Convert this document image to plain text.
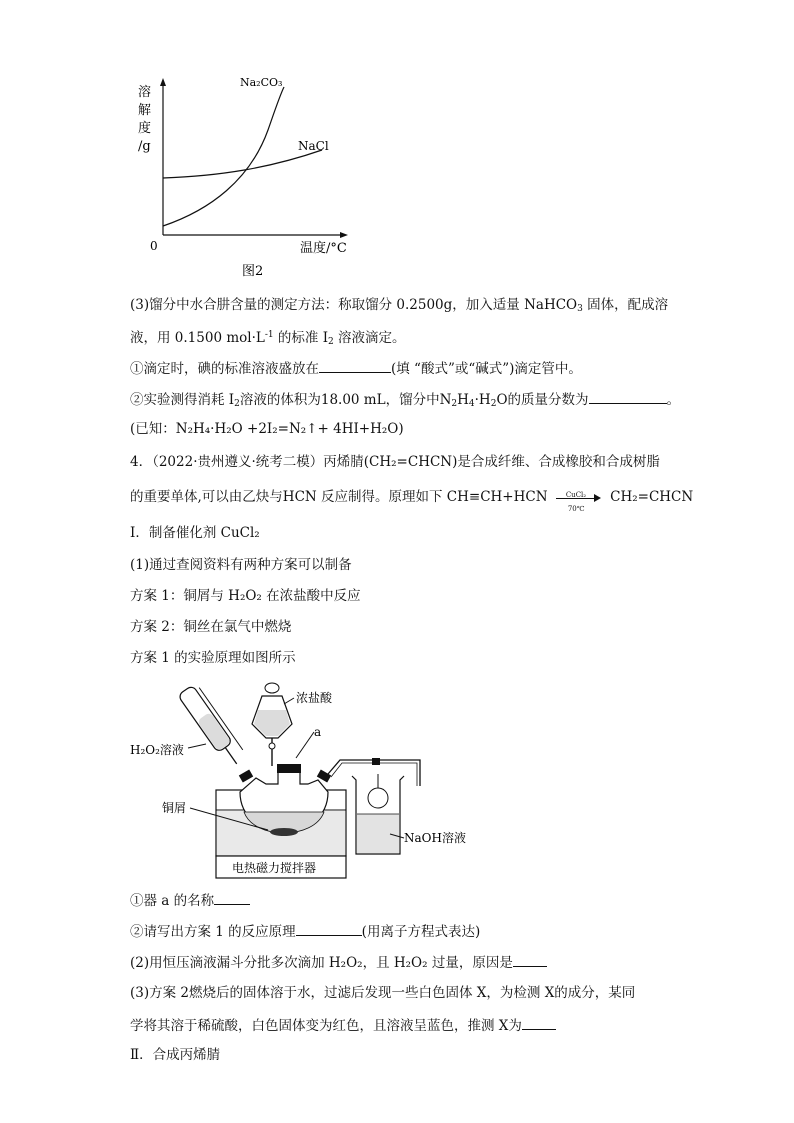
溶
解
度
/g
0	温度/°C
Na₂CO₃
NaCl
图2
(3)馏分中水合肼含量的测定方法：称取馏分 0.2500g，加入适量 NaHCO$_3$ 固体，配成溶
液，用 0.1500 $mol\cdot L^{-1}$ 的标准 $I_2$ 溶液滴定。
①滴定时，碘的标准溶液盛放在	(填 “酸式”或“碱式”)滴定管中。
②实验测得消耗 $I_2$溶液的体积为18.00 mL，馏分中$N_2H_4\cdot H_2O$的质量分数为	。
(已知：N₂H₄·H₂O +2I₂=N₂↑+ 4HI+H₂O)
4．（2022·贵州遵义·统考二模）丙烯腈(CH₂=CHCN)是合成纤维、合成橡胶和合成树脂
的重要单体,可以由乙炔与HCN 反应制得。原理如下 CH≡CH+HCN	CuCl₂
70℃
CH₂=CHCN
Ⅰ．制备催化剂 CuCl₂
(1)通过查阅资料有两种方案可以制备
方案 1：铜屑与 H₂O₂ 在浓盐酸中反应
方案 2：铜丝在氯气中燃烧
方案 1 的实验原理如图所示
电热磁力搅拌器
浓盐酸
a
H₂O₂溶液
铜屑
NaOH溶液
①器 a 的名称
②请写出方案 1 的反应原理	(用离子方程式表达)
(2)用恒压滴液漏斗分批多次滴加 H₂O₂，且 H₂O₂ 过量，原因是
(3)方案 2燃烧后的固体溶于水，过滤后发现一些白色固体 X，为检测 X的成分，某同
学将其溶于稀硫酸，白色固体变为红色，且溶液呈蓝色，推测 X为
Ⅱ．合成丙烯腈
